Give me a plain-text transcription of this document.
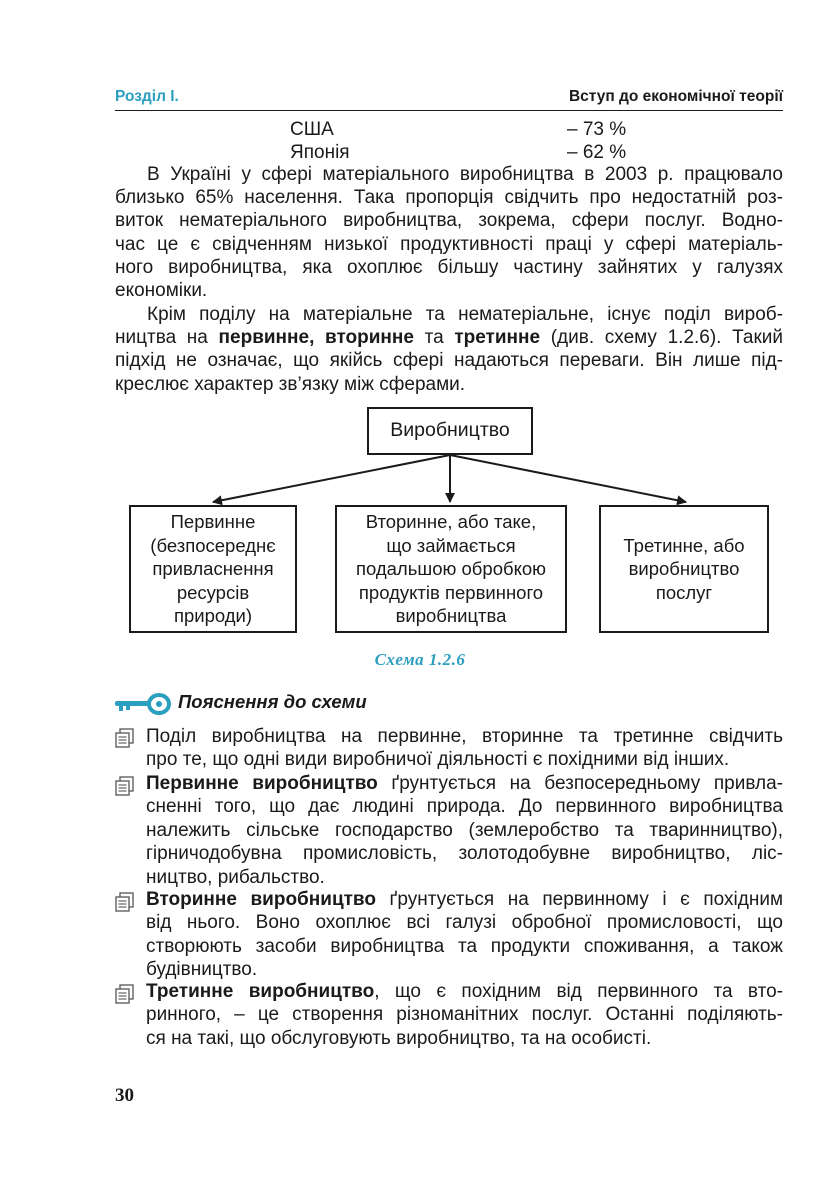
Розділ І.	Вступ до економічної теорії
США	– 73 %
Японія	– 62 %
В Україні у сфері матеріального виробництва в 2003 р. працювало
близько 65% населення. Така пропорція свідчить про недостатній роз-
виток нематеріального виробництва, зокрема, сфери послуг. Водно-
час це є свідченням низької продуктивності праці у сфері матеріаль-
ного виробництва, яка охоплює більшу частину зайнятих у галузях
економіки.
Крім поділу на матеріальне та нематеріальне, існує поділ вироб-
ництва на первинне, вторинне та третинне (див. схему 1.2.6). Такий
підхід не означає, що якійсь сфері надаються переваги. Він лише під-
креслює характер зв’язку між сферами.
Виробництво
Первинне
(безпосереднє
привласнення
ресурсів
природи)
Вторинне, або таке,
що займається
подальшою обробкою
продуктів первинного
виробництва
Третинне, або
виробництво
послуг
Схема 1.2.6
Пояснення до схеми
Поділ виробництва на первинне, вторинне та третинне свідчить
про те, що одні види виробничої діяльності є похідними від інших.
Первинне виробництво ґрунтується на безпосередньому привла-
сненні того, що дає людині природа. До первинного виробництва
належить сільське господарство (землеробство та тваринництво),
гірничодобувна промисловість, золотодобувне виробництво, ліс-
ництво, рибальство.
Вторинне виробництво ґрунтується на первинному і є похідним
від нього. Воно охоплює всі галузі обробної промисловості, що
створюють засоби виробництва та продукти споживання, а також
будівництво.
Третинне виробництво, що є похідним від первинного та вто-
ринного, – це створення різноманітних послуг. Останні поділяють-
ся на такі, що обслуговують виробництво, та на особисті.
30
